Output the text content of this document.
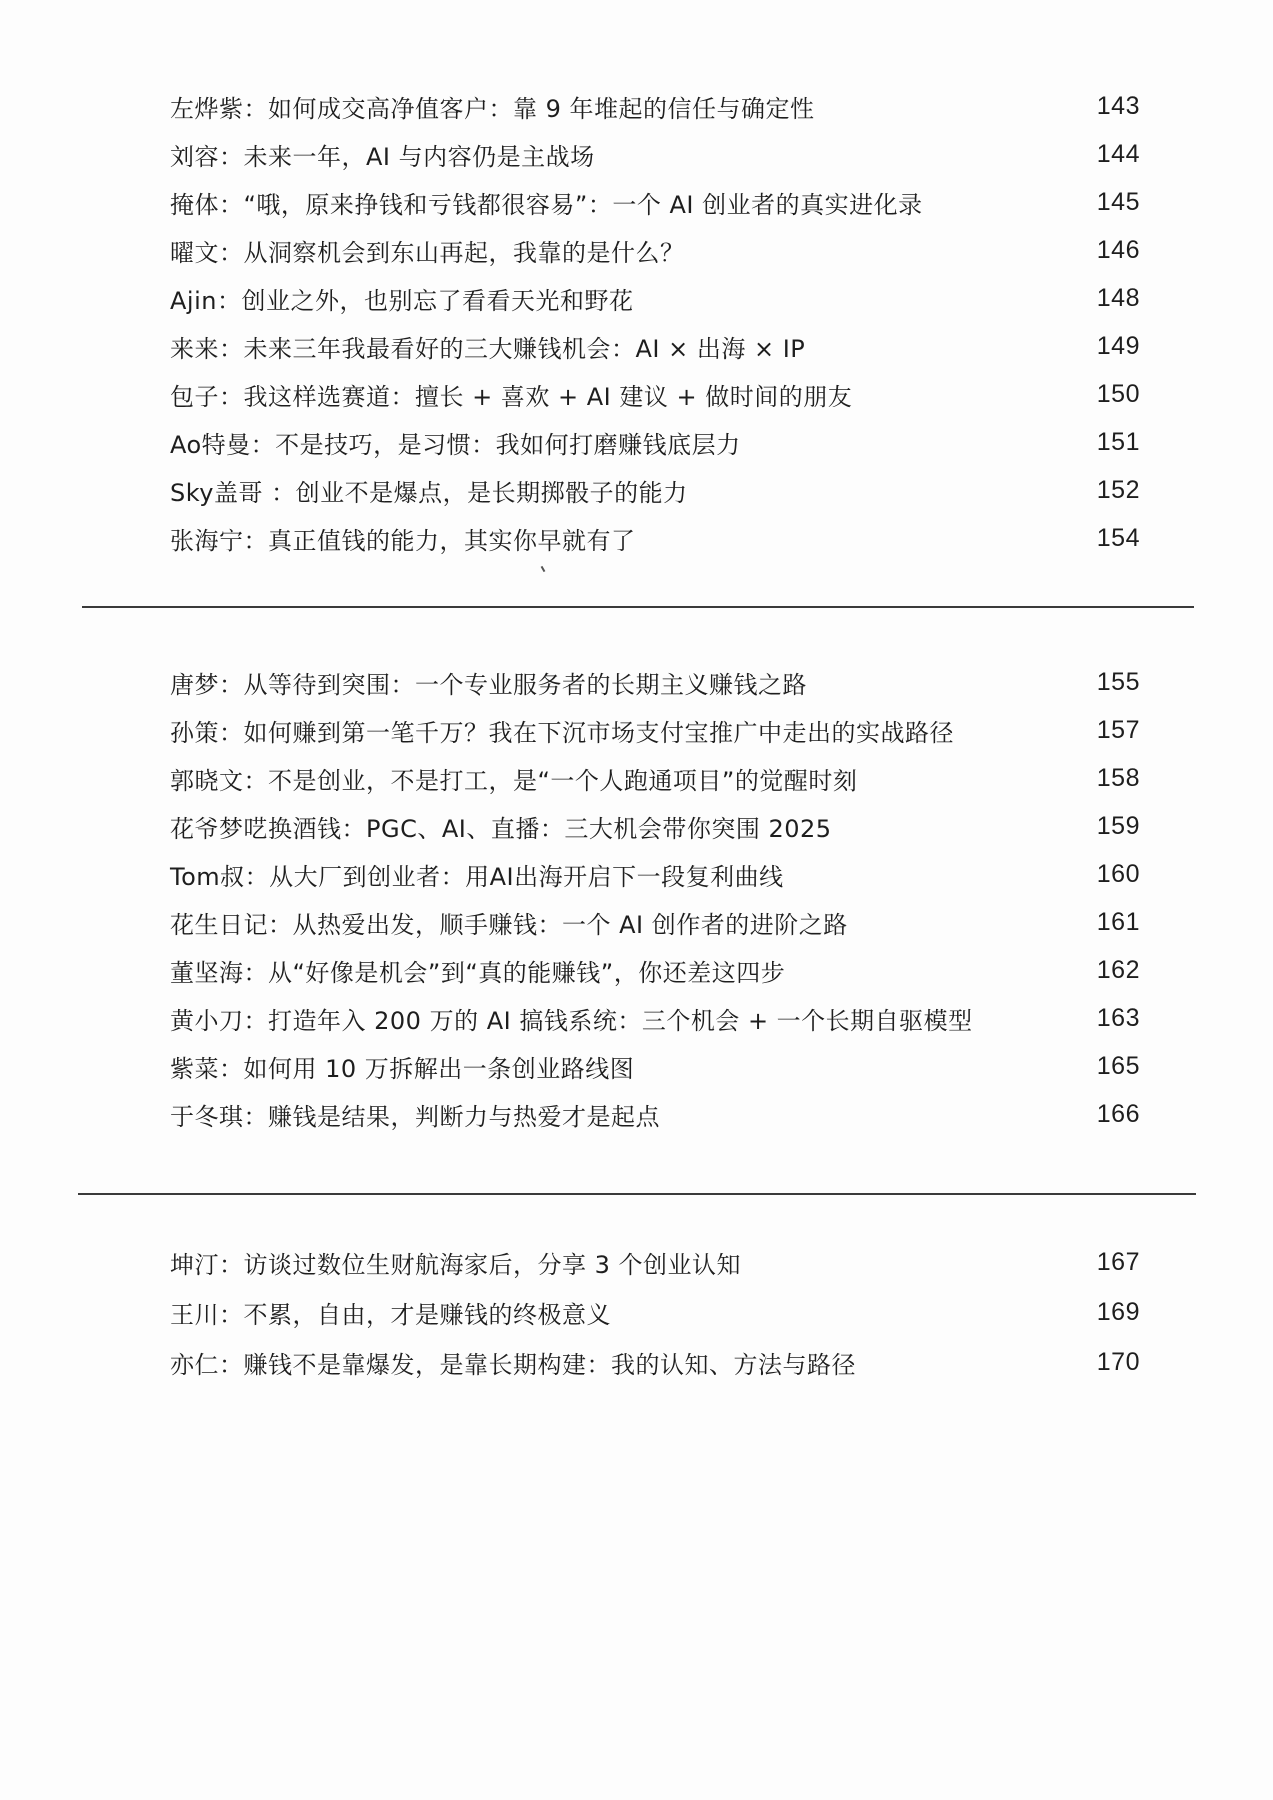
左烨紫：如何成交高净值客户：靠 9 年堆起的信任与确定性	143
刘容：未来一年，AI 与内容仍是主战场	144
掩体：“哦，原来挣钱和亏钱都很容易”：一个 AI 创业者的真实进化录	145
曜文：从洞察机会到东山再起，我靠的是什么？	146
Ajin：创业之外，也别忘了看看天光和野花	148
来来：未来三年我最看好的三大赚钱机会：AI × 出海 × IP	149
包子：我这样选赛道：擅长 + 喜欢 + AI 建议 + 做时间的朋友	150
Ao特曼：不是技巧，是习惯：我如何打磨赚钱底层力	151
Sky盖哥 ：创业不是爆点，是长期掷骰子的能力	152
张海宁：真正值钱的能力，其实你早就有了	154
唐梦：从等待到突围：一个专业服务者的长期主义赚钱之路	155
孙策：如何赚到第一笔千万？我在下沉市场支付宝推广中走出的实战路径	157
郭晓文：不是创业，不是打工，是“一个人跑通项目”的觉醒时刻	158
花爷梦呓换酒钱：PGC、AI、直播：三大机会带你突围 2025	159
Tom叔：从大厂到创业者：用AI出海开启下一段复利曲线	160
花生日记：从热爱出发，顺手赚钱：一个 AI 创作者的进阶之路	161
董坚海：从“好像是机会”到“真的能赚钱”，你还差这四步	162
黄小刀：打造年入 200 万的 AI 搞钱系统：三个机会 + 一个长期自驱模型	163
紫菜：如何用 10 万拆解出一条创业路线图	165
于冬琪：赚钱是结果，判断力与热爱才是起点	166
坤汀：访谈过数位生财航海家后，分享 3 个创业认知	167
王川：不累，自由，才是赚钱的终极意义	169
亦仁：赚钱不是靠爆发，是靠长期构建：我的认知、方法与路径	170
